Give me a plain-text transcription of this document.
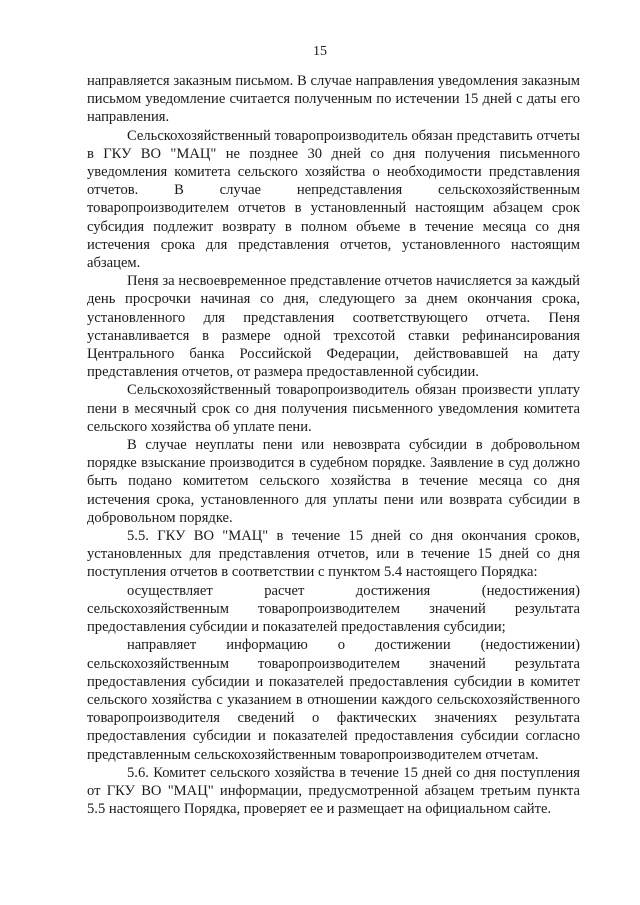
15

направляется заказным письмом. В случае направления уведомления заказным письмом уведомление считается полученным по истечении 15 дней с даты его направления.

Сельскохозяйственный товаропроизводитель обязан представить отчеты в ГКУ ВО "МАЦ" не позднее 30 дней со дня получения письменного уведомления комитета сельского хозяйства о необходимости представления отчетов. В случае непредставления сельскохозяйственным товаропроизводителем отчетов в установленный настоящим абзацем срок субсидия подлежит возврату в полном объеме в течение месяца со дня истечения срока для представления отчетов, установленного настоящим абзацем.

Пеня за несвоевременное представление отчетов начисляется за каждый день просрочки начиная со дня, следующего за днем окончания срока, установленного для представления соответствующего отчета. Пеня устанавливается в размере одной трехсотой ставки рефинансирования Центрального банка Российской Федерации, действовавшей на дату представления отчетов, от размера предоставленной субсидии.

Сельскохозяйственный товаропроизводитель обязан произвести уплату пени в месячный срок со дня получения письменного уведомления комитета сельского хозяйства об уплате пени.

В случае неуплаты пени или невозврата субсидии в добровольном порядке взыскание производится в судебном порядке. Заявление в суд должно быть подано комитетом сельского хозяйства в течение месяца со дня истечения срока, установленного для уплаты пени или возврата субсидии в добровольном порядке.

5.5. ГКУ ВО "МАЦ" в течение 15 дней со дня окончания сроков, установленных для представления отчетов, или в течение 15 дней со дня поступления отчетов в соответствии с пунктом 5.4 настоящего Порядка:

осуществляет расчет достижения (недостижения) сельскохозяйственным товаропроизводителем значений результата предоставления субсидии и показателей предоставления субсидии;

направляет информацию о достижении (недостижении) сельскохозяйственным товаропроизводителем значений результата предоставления субсидии и показателей предоставления субсидии в комитет сельского хозяйства с указанием в отношении каждого сельскохозяйственного товаропроизводителя сведений о фактических значениях результата предоставления субсидии и показателей предоставления субсидии согласно представленным сельскохозяйственным товаропроизводителем отчетам.

5.6. Комитет сельского хозяйства в течение 15 дней со дня поступления от ГКУ ВО "МАЦ" информации, предусмотренной абзацем третьим пункта 5.5 настоящего Порядка, проверяет ее и размещает на официальном сайте.
